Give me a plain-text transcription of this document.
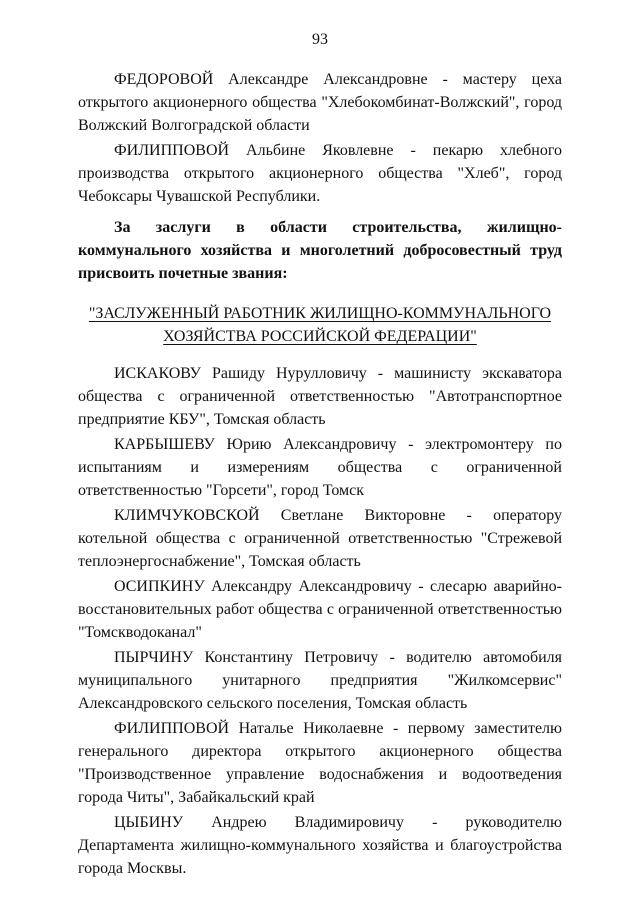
93

ФЕДОРОВОЙ Александре Александровне - мастеру цеха открытого акционерного общества "Хлебокомбинат-Волжский", город Волжский Волгоградской области

ФИЛИППОВОЙ Альбине Яковлевне - пекарю хлебного производства открытого акционерного общества "Хлеб", город Чебоксары Чувашской Республики.

За заслуги в области строительства, жилищно-коммунального хозяйства и многолетний добросовестный труд присвоить почетные звания:

"ЗАСЛУЖЕННЫЙ РАБОТНИК ЖИЛИЩНО-КОММУНАЛЬНОГО
ХОЗЯЙСТВА РОССИЙСКОЙ ФЕДЕРАЦИИ"

ИСКАКОВУ Рашиду Нурулловичу - машинисту экскаватора общества с ограниченной ответственностью "Автотранспортное предприятие КБУ", Томская область

КАРБЫШЕВУ Юрию Александровичу - электромонтеру по испытаниям и измерениям общества с ограниченной ответственностью "Горсети", город Томск

КЛИМЧУКОВСКОЙ Светлане Викторовне - оператору котельной общества с ограниченной ответственностью "Стрежевой теплоэнергоснабжение", Томская область

ОСИПКИНУ Александру Александровичу - слесарю аварийно-восстановительных работ общества с ограниченной ответственностью "Томскводоканал"

ПЫРЧИНУ Константину Петровичу - водителю автомобиля муниципального унитарного предприятия "Жилкомсервис" Александровского сельского поселения, Томская область

ФИЛИППОВОЙ Наталье Николаевне - первому заместителю генерального директора открытого акционерного общества "Производственное управление водоснабжения и водоотведения города Читы", Забайкальский край

ЦЫБИНУ Андрею Владимировичу - руководителю Департамента жилищно-коммунального хозяйства и благоустройства города Москвы.
